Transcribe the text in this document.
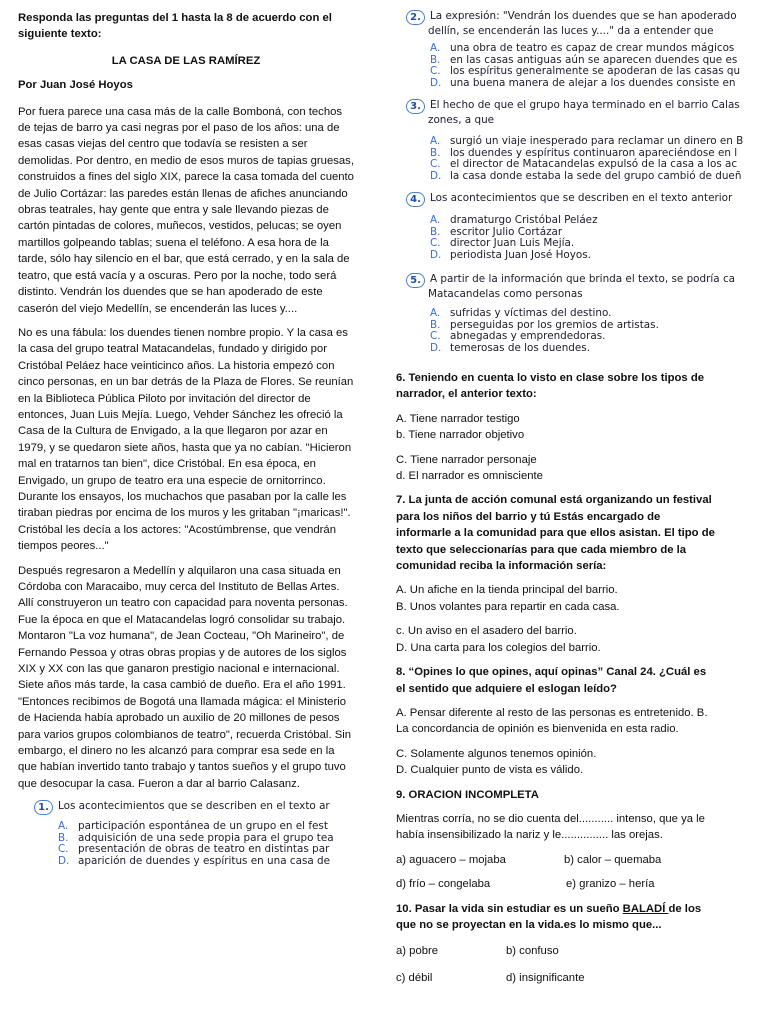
Responda las preguntas del 1 hasta la 8 de acuerdo con el siguiente texto:

LA CASA DE LAS RAMÍREZ

Por Juan José Hoyos

Por fuera parece una casa más de la calle Bomboná, con techos de tejas de barro ya casi negras por el paso de los años: una de esas casas viejas del centro que todavía se resisten a ser demolidas. Por dentro, en medio de esos muros de tapias gruesas, construidos a fines del siglo XIX, parece la casa tomada del cuento de Julio Cortázar: las paredes están llenas de afiches anunciando obras teatrales, hay gente que entra y sale llevando piezas de cartón pintadas de colores, muñecos, vestidos, pelucas; se oyen martillos golpeando tablas; suena el teléfono. A esa hora de la tarde, sólo hay silencio en el bar, que está cerrado, y en la sala de teatro, que está vacía y a oscuras. Pero por la noche, todo será distinto. Vendrán los duendes que se han apoderado de este caserón del viejo Medellín, se encenderán las luces y....

No es una fábula: los duendes tienen nombre propio. Y la casa es la casa del grupo teatral Matacandelas, fundado y dirigido por Cristóbal Peláez hace veinticinco años. La historia empezó con cinco personas, en un bar detrás de la Plaza de Flores. Se reunían en la Biblioteca Pública Piloto por invitación del director de entonces, Juan Luis Mejía. Luego, Vehder Sánchez les ofreció la Casa de la Cultura de Envigado, a la que llegaron por azar en 1979, y se quedaron siete años, hasta que ya no cabían. "Hicieron mal en tratarnos tan bien", dice Cristóbal. En esa época, en Envigado, un grupo de teatro era una especie de ornitorrinco. Durante los ensayos, los muchachos que pasaban por la calle les tiraban piedras por encima de los muros y les gritaban "¡maricas!". Cristóbal les decía a los actores: "Acostúmbrense, que vendrán tiempos peores..."

Después regresaron a Medellín y alquilaron una casa situada en Córdoba con Maracaibo, muy cerca del Instituto de Bellas Artes. Allí construyeron un teatro con capacidad para noventa personas. Fue la época en que el Matacandelas logró consolidar su trabajo. Montaron "La voz humana", de Jean Cocteau, "Oh Marineiro", de Fernando Pessoa y otras obras propias y de autores de los siglos XIX y XX con las que ganaron prestigio nacional e internacional. Siete años más tarde, la casa cambió de dueño. Era el año 1991. "Entonces recibimos de Bogotá una llamada mágica: el Ministerio de Hacienda había aprobado un auxilio de 20 millones de pesos para varios grupos colombianos de teatro", recuerda Cristóbal. Sin embargo, el dinero no les alcanzó para comprar esa sede en la que habían invertido tanto trabajo y tantos sueños y el grupo tuvo que desocupar la casa. Fueron a dar al barrio Calasanz.

1. Los acontecimientos que se describen en el texto ar
A. participación espontánea de un grupo en el fest
B. adquisición de una sede propia para el grupo tea
C. presentación de obras de teatro en distintas par
D. aparición de duendes y espíritus en una casa de
2. La expresión: "Vendrán los duendes que se han apoderado
dellín, se encenderán las luces y...." da a entender que
A. una obra de teatro es capaz de crear mundos mágicos
B. en las casas antiguas aún se aparecen duendes que es
C. los espíritus generalmente se apoderan de las casas qu
D. una buena manera de alejar a los duendes consiste en
3. El hecho de que el grupo haya terminado en el barrio Calas
zones, a que
A. surgió un viaje inesperado para reclamar un dinero en B
B. los duendes y espíritus continuaron apareciéndose en l
C. el director de Matacandelas expulsó de la casa a los ac
D. la casa donde estaba la sede del grupo cambió de dueñ
4. Los acontecimientos que se describen en el texto anterior
A. dramaturgo Cristóbal Peláez
B. escritor Julio Cortázar
C. director Juan Luis Mejía.
D. periodista Juan José Hoyos.
5. A partir de la información que brinda el texto, se podría ca
Matacandelas como personas
A. sufridas y víctimas del destino.
B. perseguidas por los gremios de artistas.
C. abnegadas y emprendedoras.
D. temerosas de los duendes.

6. Teniendo en cuenta lo visto en clase sobre los tipos de narrador, el anterior texto:

A. Tiene narrador testigo

b. Tiene narrador objetivo

C. Tiene narrador personaje

d. El narrador es omnisciente

7. La junta de acción comunal está organizando un festival para los niños del barrio y tú Estás encargado de informarle a la comunidad para que ellos asistan. El tipo de texto que seleccionarías para que cada miembro de la comunidad reciba la información sería:

A. Un afiche en la tienda principal del barrio.

B. Unos volantes para repartir en cada casa.

c. Un aviso en el asadero del barrio.

D. Una carta para los colegios del barrio.

8. “Opines lo que opines, aquí opinas” Canal 24. ¿Cuál es el sentido que adquiere el eslogan leído?

A. Pensar diferente al resto de las personas es entretenido. B. La concordancia de opinión es bienvenida en esta radio.

C. Solamente algunos tenemos opinión.

D. Cualquier punto de vista es válido.

9. ORACION INCOMPLETA

Mientras corría, no se dio cuenta del........... intenso, que ya le había insensibilizado la nariz y le............... las orejas.

a) aguacero – mojaba	b) calor – quemaba

d) frío – congelaba	e) granizo – hería

10. Pasar la vida sin estudiar es un sueño BALADÍ de los que no se proyectan en la vida.es lo mismo que...

a) pobre	b) confuso

c) débil	d) insignificante
